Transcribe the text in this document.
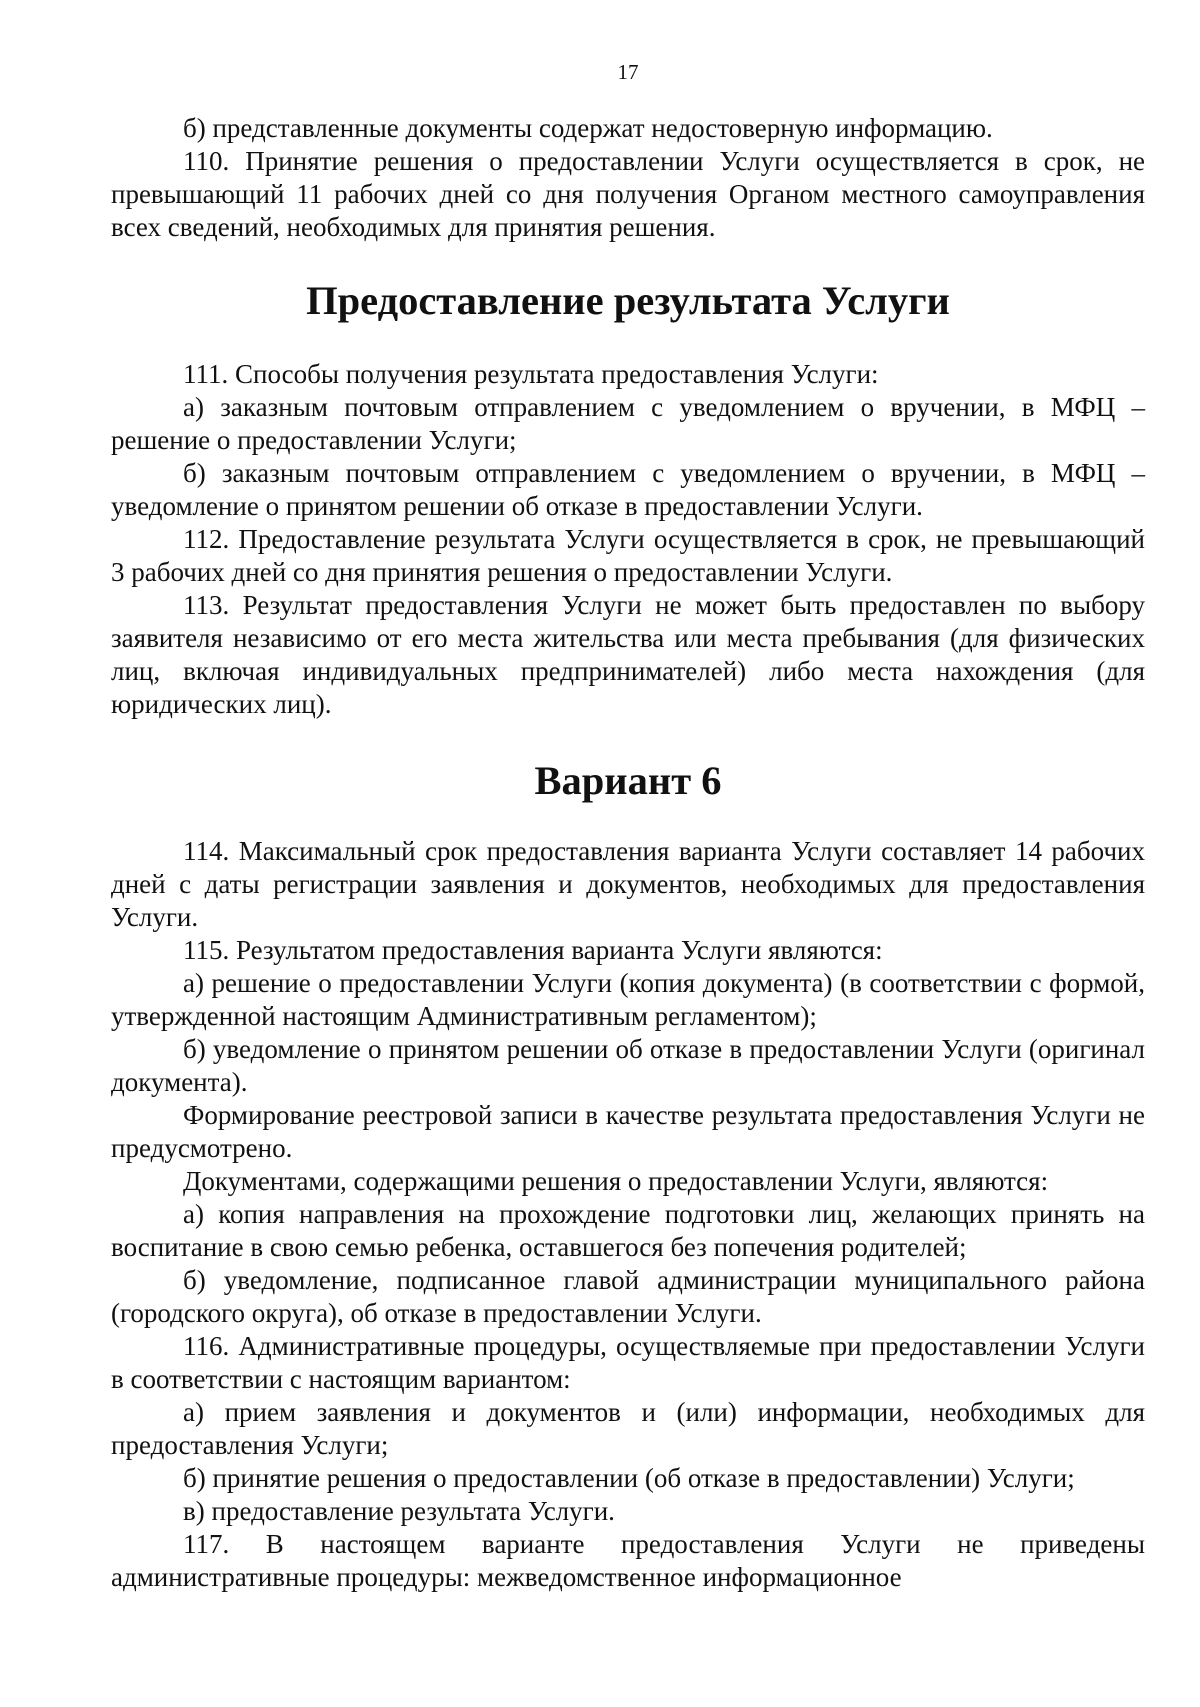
17

б) представленные документы содержат недостоверную информацию.

110. Принятие решения о предоставлении Услуги осуществляется в срок, не превышающий 11 рабочих дней со дня получения Органом местного самоуправления всех сведений, необходимых для принятия решения.

Предоставление результата Услуги

111. Способы получения результата предоставления Услуги:

а) заказным почтовым отправлением с уведомлением о вручении, в МФЦ – решение о предоставлении Услуги;

б) заказным почтовым отправлением с уведомлением о вручении, в МФЦ – уведомление о принятом решении об отказе в предоставлении Услуги.

112. Предоставление результата Услуги осуществляется в срок, не превышающий 3 рабочих дней со дня принятия решения о предоставлении Услуги.

113. Результат предоставления Услуги не может быть предоставлен по выбору заявителя независимо от его места жительства или места пребывания (для физических лиц, включая индивидуальных предпринимателей) либо места нахождения (для юридических лиц).

Вариант 6

114. Максимальный срок предоставления варианта Услуги составляет 14 рабочих дней с даты регистрации заявления и документов, необходимых для предоставления Услуги.

115. Результатом предоставления варианта Услуги являются:

а) решение о предоставлении Услуги (копия документа) (в соответствии с формой, утвержденной настоящим Административным регламентом);

б) уведомление о принятом решении об отказе в предоставлении Услуги (оригинал документа).

Формирование реестровой записи в качестве результата предоставления Услуги не предусмотрено.

Документами, содержащими решения о предоставлении Услуги, являются:

а) копия направления на прохождение подготовки лиц, желающих принять на воспитание в свою семью ребенка, оставшегося без попечения родителей;

б) уведомление, подписанное главой администрации муниципального района (городского округа), об отказе в предоставлении Услуги.

116. Административные процедуры, осуществляемые при предоставлении Услуги в соответствии с настоящим вариантом:

а) прием заявления и документов и (или) информации, необходимых для предоставления Услуги;

б) принятие решения о предоставлении (об отказе в предоставлении) Услуги;

в) предоставление результата Услуги.

117. В настоящем варианте предоставления Услуги не приведены административные процедуры: межведомственное информационное
